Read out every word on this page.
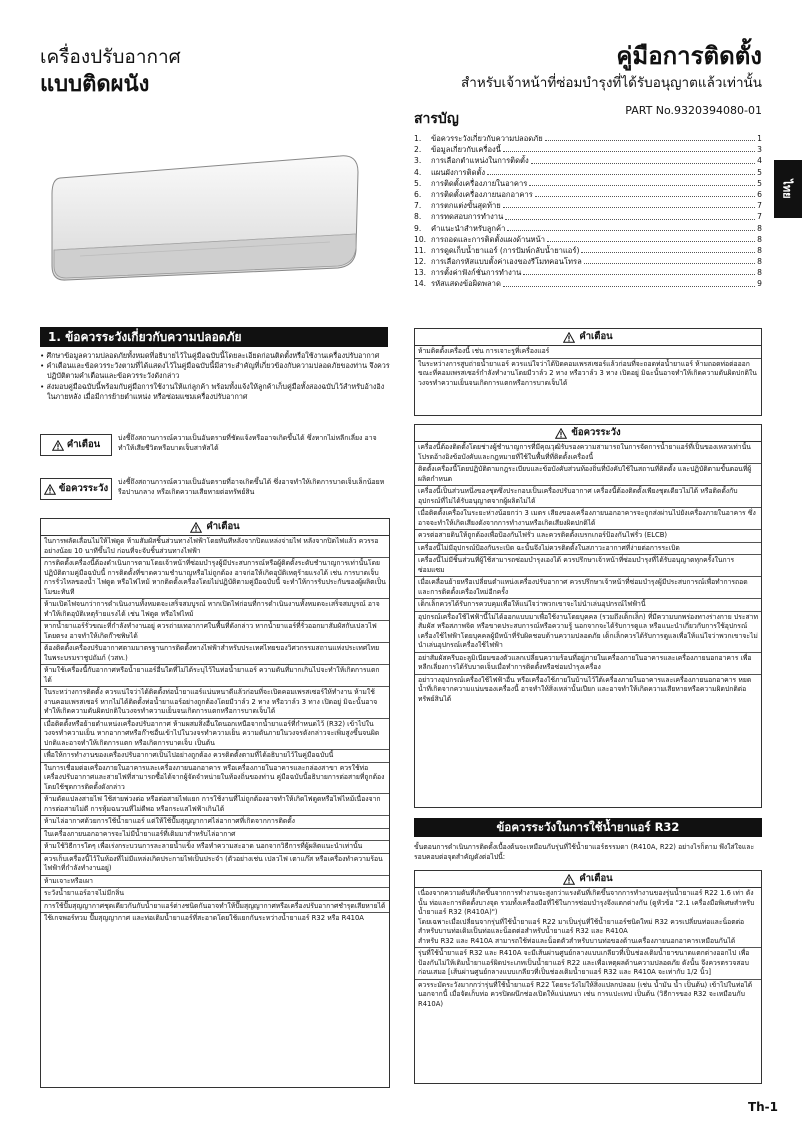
เครื่องปรับอากาศ
แบบติดผนัง
คู่มือการติดตั้ง
สำหรับเจ้าหน้าที่ซ่อมบำรุงที่ได้รับอนุญาตแล้วเท่านั้น
PART No.9320394080-01
สารบัญ
1.	ข้อควรระวังเกี่ยวกับความปลอดภัย	1
2.	ข้อมูลเกี่ยวกับเครื่องนี้	3
3.	การเลือกตำแหน่งในการติดตั้ง	4
4.	แผนผังการติดตั้ง	5
5.	การติดตั้งเครื่องภายในอาคาร	5
6.	การติดตั้งเครื่องภายนอกอาคาร	6
7.	การตกแต่งขั้นสุดท้าย	7
8.	การทดสอบการทำงาน	7
9.	คำแนะนำสำหรับลูกค้า	8
10. การถอดและการติดตั้งแผงด้านหน้า	8
11. การดูดเก็บน้ำยาแอร์ (การปัมพ์กลับน้ำยาแอร์)	8
12. การเลือกรหัสแบบตั้งค่าเองของรีโมทคอนโทรล	8
13. การตั้งค่าฟังก์ชั่นการทำงาน	8
14. รหัสแสดงข้อผิดพลาด	9
ไทย
1. ข้อควรระวังเกี่ยวกับความปลอดภัย

• ศึกษาข้อมูลความปลอดภัยทั้งหมดที่อธิบายไว้ในคู่มือฉบับนี้โดยละเอียดก่อนติดตั้งหรือใช้งานเครื่องปรับอากาศ

• คำเตือนและข้อควรระวังตามที่ได้แสดงไว้ในคู่มือฉบับนี้มีสาระสำคัญที่เกี่ยวข้องกับความปลอดภัยของท่าน จึงควรปฏิบัติตามคำเตือนและข้อควรระวังดังกล่าว

• ส่งมอบคู่มือฉบับนี้พร้อมกับคู่มือการใช้งานให้แก่ลูกค้า พร้อมทั้งแจ้งให้ลูกค้าเก็บคู่มือทั้งสองฉบับไว้สำหรับอ้างอิงในภายหลัง เมื่อมีการย้ายตำแหน่ง หรือซ่อมแซมเครื่องปรับอากาศ

คำเตือน
บ่งชี้ถึงสถานการณ์ความเป็นอันตรายที่ชัดแจ้งหรืออาจเกิดขึ้นได้ ซึ่งหากไม่หลีกเลี่ยง อาจทำให้เสียชีวิตหรือบาดเจ็บสาหัสได้
ข้อควรระวัง
บ่งชี้ถึงสถานการณ์ความเป็นอันตรายที่อาจเกิดขึ้นได้ ซึ่งอาจทำให้เกิดการบาดเจ็บเล็กน้อยหรือปานกลาง หรือเกิดความเสียหายต่อทรัพย์สิน
คำเตือน
ในการพลัดเลื่อนไม่ให้ไฟดูด ห้ามสัมผัสชิ้นส่วนทางไฟฟ้าโดยทันทีหลังจากปิดแหล่งจ่ายไฟ หลังจากปิดไฟแล้ว ควรรออย่างน้อย 10 นาทีขึ้นไป ก่อนที่จะจับชิ้นส่วนทางไฟฟ้า
การติดตั้งเครื่องนี้ต้องดำเนินการตามโดยเจ้าหน้าที่ซ่อมบำรุงผู้มีประสบการณ์หรือผู้ติดตั้งระดับชำนาญการเท่านั้นโดยปฏิบัติตามคู่มือฉบับนี้ การติดตั้งที่ขาดความชำนาญหรือไม่ถูกต้อง อาจก่อให้เกิดอุบัติเหตุร้ายแรงได้ เช่น การบาดเจ็บ การรั่วไหลของน้ำ ไฟดูด หรือไฟไหม้ หากติดตั้งเครื่องโดยไม่ปฏิบัติตามคู่มือฉบับนี้ จะทำให้การรับประกันของผู้ผลิตเป็นโมฆะทันที
ห้ามเปิดไฟจนกว่าการดำเนินงานทั้งหมดจะเสร็จสมบูรณ์ หากเปิดไฟก่อนที่การดำเนินงานทั้งหมดจะเสร็จสมบูรณ์ อาจทำให้เกิดอุบัติเหตุร้ายแรงได้ เช่น ไฟดูด หรือไฟไหม้
หากน้ำยาแอร์รั่วขณะที่กำลังทำงานอยู่ ควรถ่ายเทอากาศในพื้นที่ดังกล่าว หากน้ำยาแอร์ที่รั่วออกมาสัมผัสกับเปลวไฟโดยตรง อาจทำให้เกิดก๊าซพิษได้
ต้องติดตั้งเครื่องปรับอากาศตามมาตรฐานการติดตั้งทางไฟฟ้าสำหรับประเทศไทยของวิศวกรรมสถานแห่งประเทศไทยในพระบรมราชูปถัมภ์ (วสท.)
ห้ามใช้เครื่องนี้กับอากาศหรือน้ำยาแอร์อื่นใดที่ไม่ได้ระบุไว้ในท่อน้ำยาแอร์ ความดันที่มากเกินไปจะทำให้เกิดการแตกได้
ในระหว่างการติดตั้ง ควรแน่ใจว่าได้ติดตั้งท่อน้ำยาแอร์แน่นหนาดีแล้วก่อนที่จะเปิดคอมเพรสเซอร์ให้ทำงาน ห้ามใช้งานคอมเพรสเซอร์ หากไม่ได้ติดตั้งท่อน้ำยาแอร์อย่างถูกต้องโดยมีวาล์ว 2 ทาง หรือวาล์ว 3 ทาง เปิดอยู่ มิฉะนั้นอาจทำให้เกิดความดันผิดปกติในวงจรทำความเย็นจนเกิดการแตกหรือการบาดเจ็บได้
เมื่อติดตั้งหรือย้ายตำแหน่งเครื่องปรับอากาศ ห้ามผสมสิ่งอื่นใดนอกเหนือจากน้ำยาแอร์ที่กำหนดไว้ (R32) เข้าไปในวงจรทำความเย็น หากอากาศหรือก๊าซอื่นเข้าไปในวงจรทำความเย็น ความดันภายในวงจรดังกล่าวจะเพิ่มสูงขึ้นจนผิดปกติและอาจทำให้เกิดการแตก หรือเกิดการบาดเจ็บ เป็นต้น
เพื่อให้การทำงานของเครื่องปรับอากาศเป็นไปอย่างถูกต้อง ควรติดตั้งตามที่ได้อธิบายไว้ในคู่มือฉบับนี้
ในการเชื่อมต่อเครื่องภายในอาคารและเครื่องภายนอกอาคาร หรือเครื่องภายในอาคารและกล่องสาขา ควรใช้ท่อเครื่องปรับอากาศและสายไฟที่สามารถซื้อได้จากผู้จัดจำหน่ายในท้องถิ่นของท่าน คู่มือฉบับนี้อธิบายการต่อสายที่ถูกต้องโดยใช้ชุดการติดตั้งดังกล่าว
ห้ามดัดแปลงสายไฟ ใช้สายพ่วงต่อ หรือต่อสายไฟแยก การใช้งานที่ไม่ถูกต้องอาจทำให้เกิดไฟดูดหรือไฟไหม้เนื่องจากการต่อสายไม่ดี การหุ้มฉนวนที่ไม่ดีพอ หรือกระแสไฟฟ้าเกินได้
ห้ามไล่อากาศด้วยการใช้น้ำยาแอร์ แต่ให้ใช้ปั๊มสุญญากาศไล่อากาศที่เกิดจากการติดตั้ง
ในเครื่องภายนอกอาคารจะไม่มีน้ำยาแอร์ที่เติมมาสำหรับไล่อากาศ
ห้ามใช้วิธีการใดๆ เพื่อเร่งกระบวนการละลายน้ำแข็ง หรือทำความสะอาด นอกจากวิธีการที่ผู้ผลิตแนะนำเท่านั้น
ควรเก็บเครื่องนี้ไว้ในห้องที่ไม่มีแหล่งเกิดประกายไฟเป็นประจำ (ตัวอย่างเช่น เปลวไฟ เตาแก๊ส หรือเครื่องทำความร้อนไฟฟ้าที่กำลังทำงานอยู่)
ห้ามเจาะหรือเผา
ระวังน้ำยาแอร์อาจไม่มีกลิ่น
การใช้ปั๊มสุญญากาศชุดเดียวกันกับน้ำยาแอร์ต่างชนิดกันอาจทำให้ปั๊มสุญญากาศหรือเครื่องปรับอากาศชำรุดเสียหายได้
ใช้เกจพอร์ทวม ปั๊มสุญญากาศ และท่อเติมน้ำยาแอร์ที่สะอาดโดยใช้แยกกันระหว่างน้ำยาแอร์ R32 หรือ R410A
คำเตือน
ห้ามติดตั้งเครื่องนี้ เช่น การเจาะรูที่เครื่องแอร์
ในระหว่างการสูบถ่ายน้ำยาแอร์ ควรแน่ใจว่าได้ปิดคอมเพรสเซอร์แล้วก่อนที่จะถอดท่อน้ำยาแอร์ ห้ามถอดท่อต่อออกขณะที่คอมเพรสเซอร์กำลังทำงานโดยมีวาล์ว 2 ทาง หรือวาล์ว 3 ทาง เปิดอยู่ มิฉะนั้นอาจทำให้เกิดความดันผิดปกติในวงจรทำความเย็นจนเกิดการแตกหรือการบาดเจ็บได้
ข้อควรระวัง
เครื่องนี้ต้องติดตั้งโดยช่างผู้ชำนาญการที่มีคุณวุฒิรับรองความสามารถในการจัดการน้ำยาแอร์ที่เป็นของเหลวเท่านั้น โปรดอ้างอิงข้อบังคับและกฎหมายที่ใช้ในพื้นที่ที่ติดตั้งเครื่องนี้
ติดตั้งเครื่องนี้โดยปฏิบัติตามกฎระเบียบและข้อบังคับส่วนท้องถิ่นที่บังคับใช้ในสถานที่ติดตั้ง และปฏิบัติตามขั้นตอนที่ผู้ผลิตกำหนด
เครื่องนี้เป็นส่วนหนึ่งของชุดซึ่งประกอบเป็นเครื่องปรับอากาศ เครื่องนี้ต้องติดตั้งเพียงชุดเดียวไม่ได้ หรือติดตั้งกับอุปกรณ์ที่ไม่ได้รับอนุญาตจากผู้ผลิตไม่ได้
เมื่อติดตั้งเครื่องในระยะห่างน้อยกว่า 3 เมตร เสียงของเครื่องภายนอกอาคารจะถูกส่งผ่านไปยังเครื่องภายในอาคาร ซึ่งอาจจะทำให้เกิดเสียงดังจากการทำงานหรือเกิดเสียงผิดปกติได้
ควรต่อสายดินให้ถูกต้องเพื่อป้องกันไฟรั่ว และควรติดตั้งเบรกเกอร์ป้องกันไฟรั่ว (ELCB)
เครื่องนี้ไม่มีอุปกรณ์ป้องกันระเบิด ฉะนั้นจึงไม่ควรติดตั้งในสภาวะอากาศที่ง่ายต่อการระเบิด
เครื่องนี้ไม่มีชิ้นส่วนที่ผู้ใช้สามารถซ่อมบำรุงเองได้ ควรปรึกษาเจ้าหน้าที่ซ่อมบำรุงที่ได้รับอนุญาตทุกครั้งในการซ่อมแซม
เมื่อเคลื่อนย้ายหรือเปลี่ยนตำแหน่งเครื่องปรับอากาศ ควรปรึกษาเจ้าหน้าที่ซ่อมบำรุงผู้มีประสบการณ์เพื่อทำการถอดและการติดตั้งเครื่องใหม่อีกครั้ง
เด็กเล็กควรได้รับการควบคุมเพื่อให้แน่ใจว่าพวกเขาจะไม่นำเล่นอุปกรณ์ไฟฟ้านี้
อุปกรณ์เครื่องใช้ไฟฟ้านี้ไม่ได้ออกแบบมาเพื่อใช้งานโดยบุคคล (รวมถึงเด็กเล็ก) ที่มีความบกพร่องทางร่างกาย ประสาทสัมผัส หรือสภาพจิต หรือขาดประสบการณ์หรือความรู้ นอกจากจะได้รับการดูแล หรือแนะนำเกี่ยวกับการใช้อุปกรณ์เครื่องใช้ไฟฟ้าโดยบุคคลผู้มีหน้าที่รับผิดชอบด้านความปลอดภัย เด็กเล็กควรได้รับการดูแลเพื่อให้แน่ใจว่าพวกเขาจะไม่นำเล่นอุปกรณ์เครื่องใช้ไฟฟ้า
อย่าสัมผัสครีบอะลูมิเนียมของตัวแลกเปลี่ยนความร้อนที่อยู่ภายในเครื่องภายในอาคารและเครื่องภายนอกอาคาร เพื่อหลีกเลี่ยงการได้รับบาดเจ็บเมื่อทำการติดตั้งหรือซ่อมบำรุงเครื่อง
อย่าวางอุปกรณ์เครื่องใช้ไฟฟ้าอื่น หรือเครื่องใช้ภายในบ้านไว้ใต้เครื่องภายในอาคารและเครื่องภายนอกอาคาร หยดน้ำที่เกิดจากความแน่นของเครื่องนี้ อาจทำให้สิ่งเหล่านั้นเปียก และอาจทำให้เกิดความเสียหายหรือความผิดปกติต่อทรัพย์สินได้
ข้อควรระวังในการใช้น้ำยาแอร์ R32
ขั้นตอนการดำเนินการติดตั้งเบื้องต้นจะเหมือนกับรุ่นที่ใช้น้ำยาแอร์ธรรมดา (R410A, R22) อย่างไรก็ตาม พึงใส่ใจและรอบคอบต่อจุดสำคัญดังต่อไปนี้:
คำเตือน
เนื่องจากความดันที่เกิดขึ้นจากการทำงานจะสูงกว่าแรงดันที่เกิดขึ้นจากการทำงานของรุ่นน้ำยาแอร์ R22 1.6 เท่า ดังนั้น ท่อและการติดตั้งบางจุด รวมทั้งเครื่องมือที่ใช้ในการซ่อมบำรุงจึงแตกต่างกัน (ดูหัวข้อ "2.1 เครื่องมือพิเศษสำหรับน้ำยาแอร์ R32 (R410A)")
โดยเฉพาะเมื่อเปลี่ยนจากรุ่นที่ใช้น้ำยาแอร์ R22 มาเป็นรุ่นที่ใช้น้ำยาแอร์ชนิดใหม่ R32 ควรเปลี่ยนท่อและน็อตต่อสำหรับบานท่อเดิมเป็นท่อและน็อตต่อสำหรับน้ำยาแอร์ R32 และ R410A
สำหรับ R32 และ R410A สามารถใช้ท่อและน็อตตัวสำหรับบานท่อของด้านเครื่องภายนอกอาคารเหมือนกันได้
รุ่นที่ใช้น้ำยาแอร์ R32 และ R410A จะมีเส้นผ่านศูนย์กลางแบบเกลียวที่เป็นช่องเติมน้ำยาขนาดแตกต่างออกไป เพื่อป้องกันไม่ให้เติมน้ำยาแอร์ผิดประเภทเป็นน้ำยาแอร์ R22 และเพื่อเหตุผลด้านความปลอดภัย ดังนั้น จึงควรตรวจสอบก่อนเสมอ [เส้นผ่านศูนย์กลางแบบเกลียวที่เป็นช่องเติมน้ำยาแอร์ R32 และ R410A จะเท่ากับ 1/2 นิ้ว]
ควรระมัดระวังมากกว่ารุ่นที่ใช้น้ำยาแอร์ R22 โดยระวังไม่ให้สิ่งแปลกปลอม (เช่น น้ำมัน น้ำ เป็นต้น) เข้าไปในท่อได้
นอกจากนี้ เมื่อจัดเก็บท่อ ควรปิดผนึกช่องเปิดให้แน่นหนา เช่น การแปะเทป เป็นต้น (วิธีการของ R32 จะเหมือนกับ R410A)
Th-1
